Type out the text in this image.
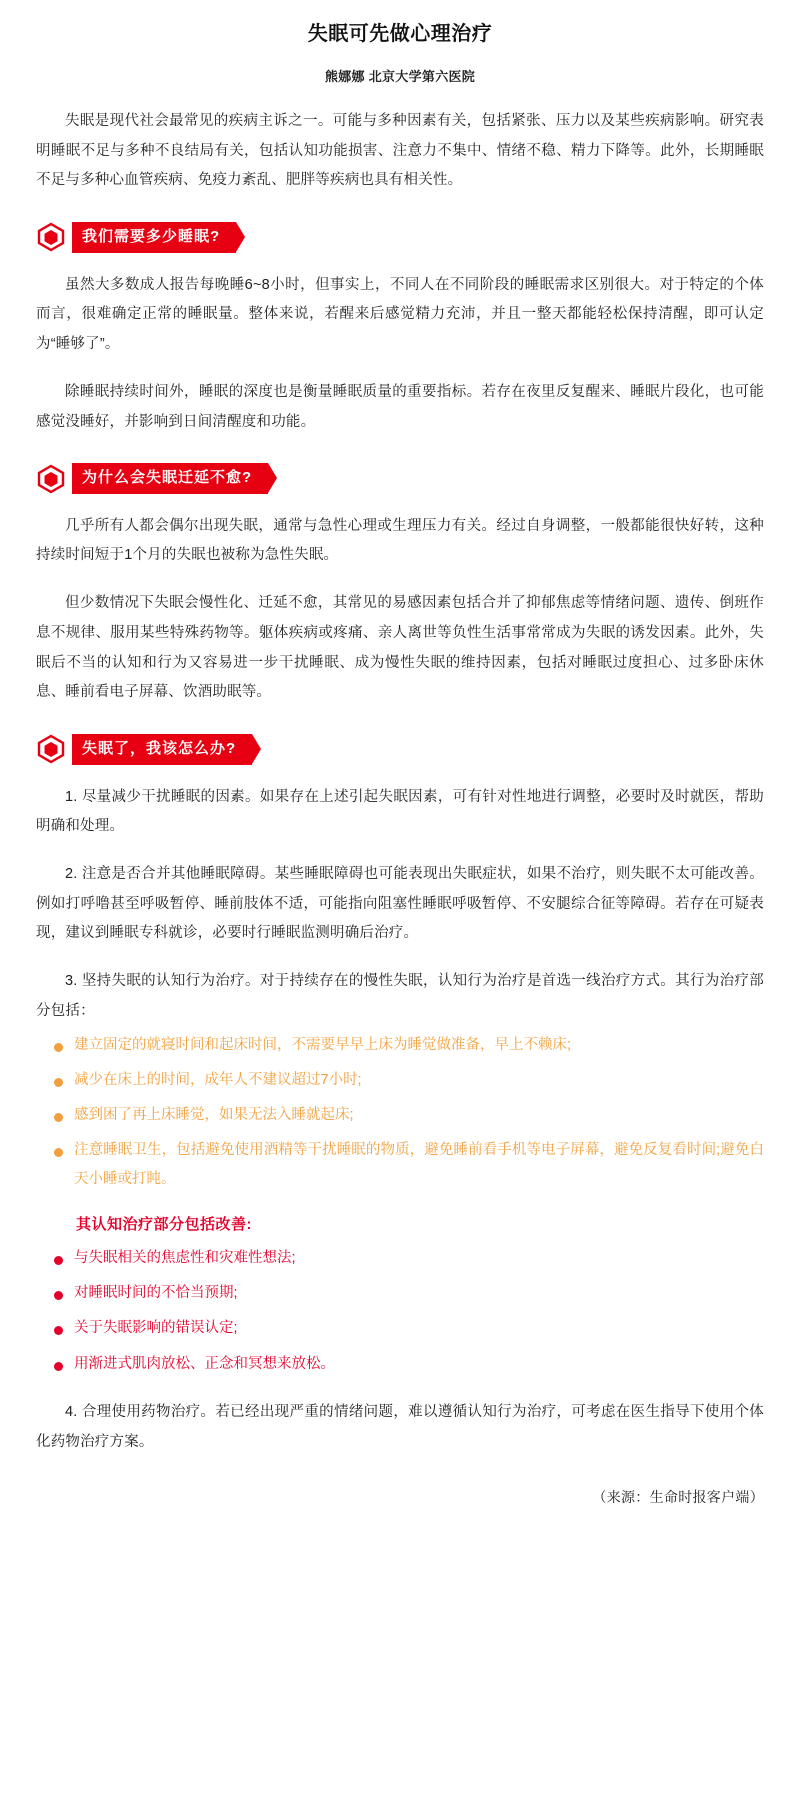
失眠可先做心理治疗
熊娜娜 北京大学第六医院

失眠是现代社会最常见的疾病主诉之一。可能与多种因素有关，包括紧张、压力以及某些疾病影响。研究表明睡眠不足与多种不良结局有关，包括认知功能损害、注意力不集中、情绪不稳、精力下降等。此外，长期睡眠不足与多种心血管疾病、免疫力紊乱、肥胖等疾病也具有相关性。

我们需要多少睡眠?

虽然大多数成人报告每晚睡6~8小时，但事实上，不同人在不同阶段的睡眠需求区别很大。对于特定的个体而言，很难确定正常的睡眠量。整体来说，若醒来后感觉精力充沛，并且一整天都能轻松保持清醒，即可认定为“睡够了”。

除睡眠持续时间外，睡眠的深度也是衡量睡眠质量的重要指标。若存在夜里反复醒来、睡眠片段化，也可能感觉没睡好，并影响到日间清醒度和功能。

为什么会失眠迁延不愈?

几乎所有人都会偶尔出现失眠，通常与急性心理或生理压力有关。经过自身调整，一般都能很快好转，这种持续时间短于1个月的失眠也被称为急性失眠。

但少数情况下失眠会慢性化、迁延不愈，其常见的易感因素包括合并了抑郁焦虑等情绪问题、遗传、倒班作息不规律、服用某些特殊药物等。躯体疾病或疼痛、亲人离世等负性生活事常常成为失眠的诱发因素。此外，失眠后不当的认知和行为又容易进一步干扰睡眠、成为慢性失眠的维持因素，包括对睡眠过度担心、过多卧床休息、睡前看电子屏幕、饮酒助眠等。

失眠了，我该怎么办?

1. 尽量减少干扰睡眠的因素。如果存在上述引起失眠因素，可有针对性地进行调整，必要时及时就医，帮助明确和处理。

2. 注意是否合并其他睡眠障碍。某些睡眠障碍也可能表现出失眠症状，如果不治疗，则失眠不太可能改善。例如打呼噜甚至呼吸暂停、睡前肢体不适，可能指向阻塞性睡眠呼吸暂停、不安腿综合征等障碍。若存在可疑表现，建议到睡眠专科就诊，必要时行睡眠监测明确后治疗。

3. 坚持失眠的认知行为治疗。对于持续存在的慢性失眠，认知行为治疗是首选一线治疗方式。其行为治疗部分包括：

建立固定的就寝时间和起床时间，不需要早早上床为睡觉做准备，早上不赖床;
减少在床上的时间，成年人不建议超过7小时;
感到困了再上床睡觉，如果无法入睡就起床;
注意睡眠卫生，包括避免使用酒精等干扰睡眠的物质，避免睡前看手机等电子屏幕，避免反复看时间;避免白天小睡或打盹。
其认知治疗部分包括改善:
与失眠相关的焦虑性和灾难性想法;
对睡眠时间的不恰当预期;
关于失眠影响的错误认定;
用渐进式肌肉放松、正念和冥想来放松。

4. 合理使用药物治疗。若已经出现严重的情绪问题，难以遵循认知行为治疗，可考虑在医生指导下使用个体化药物治疗方案。

（来源：生命时报客户端）
